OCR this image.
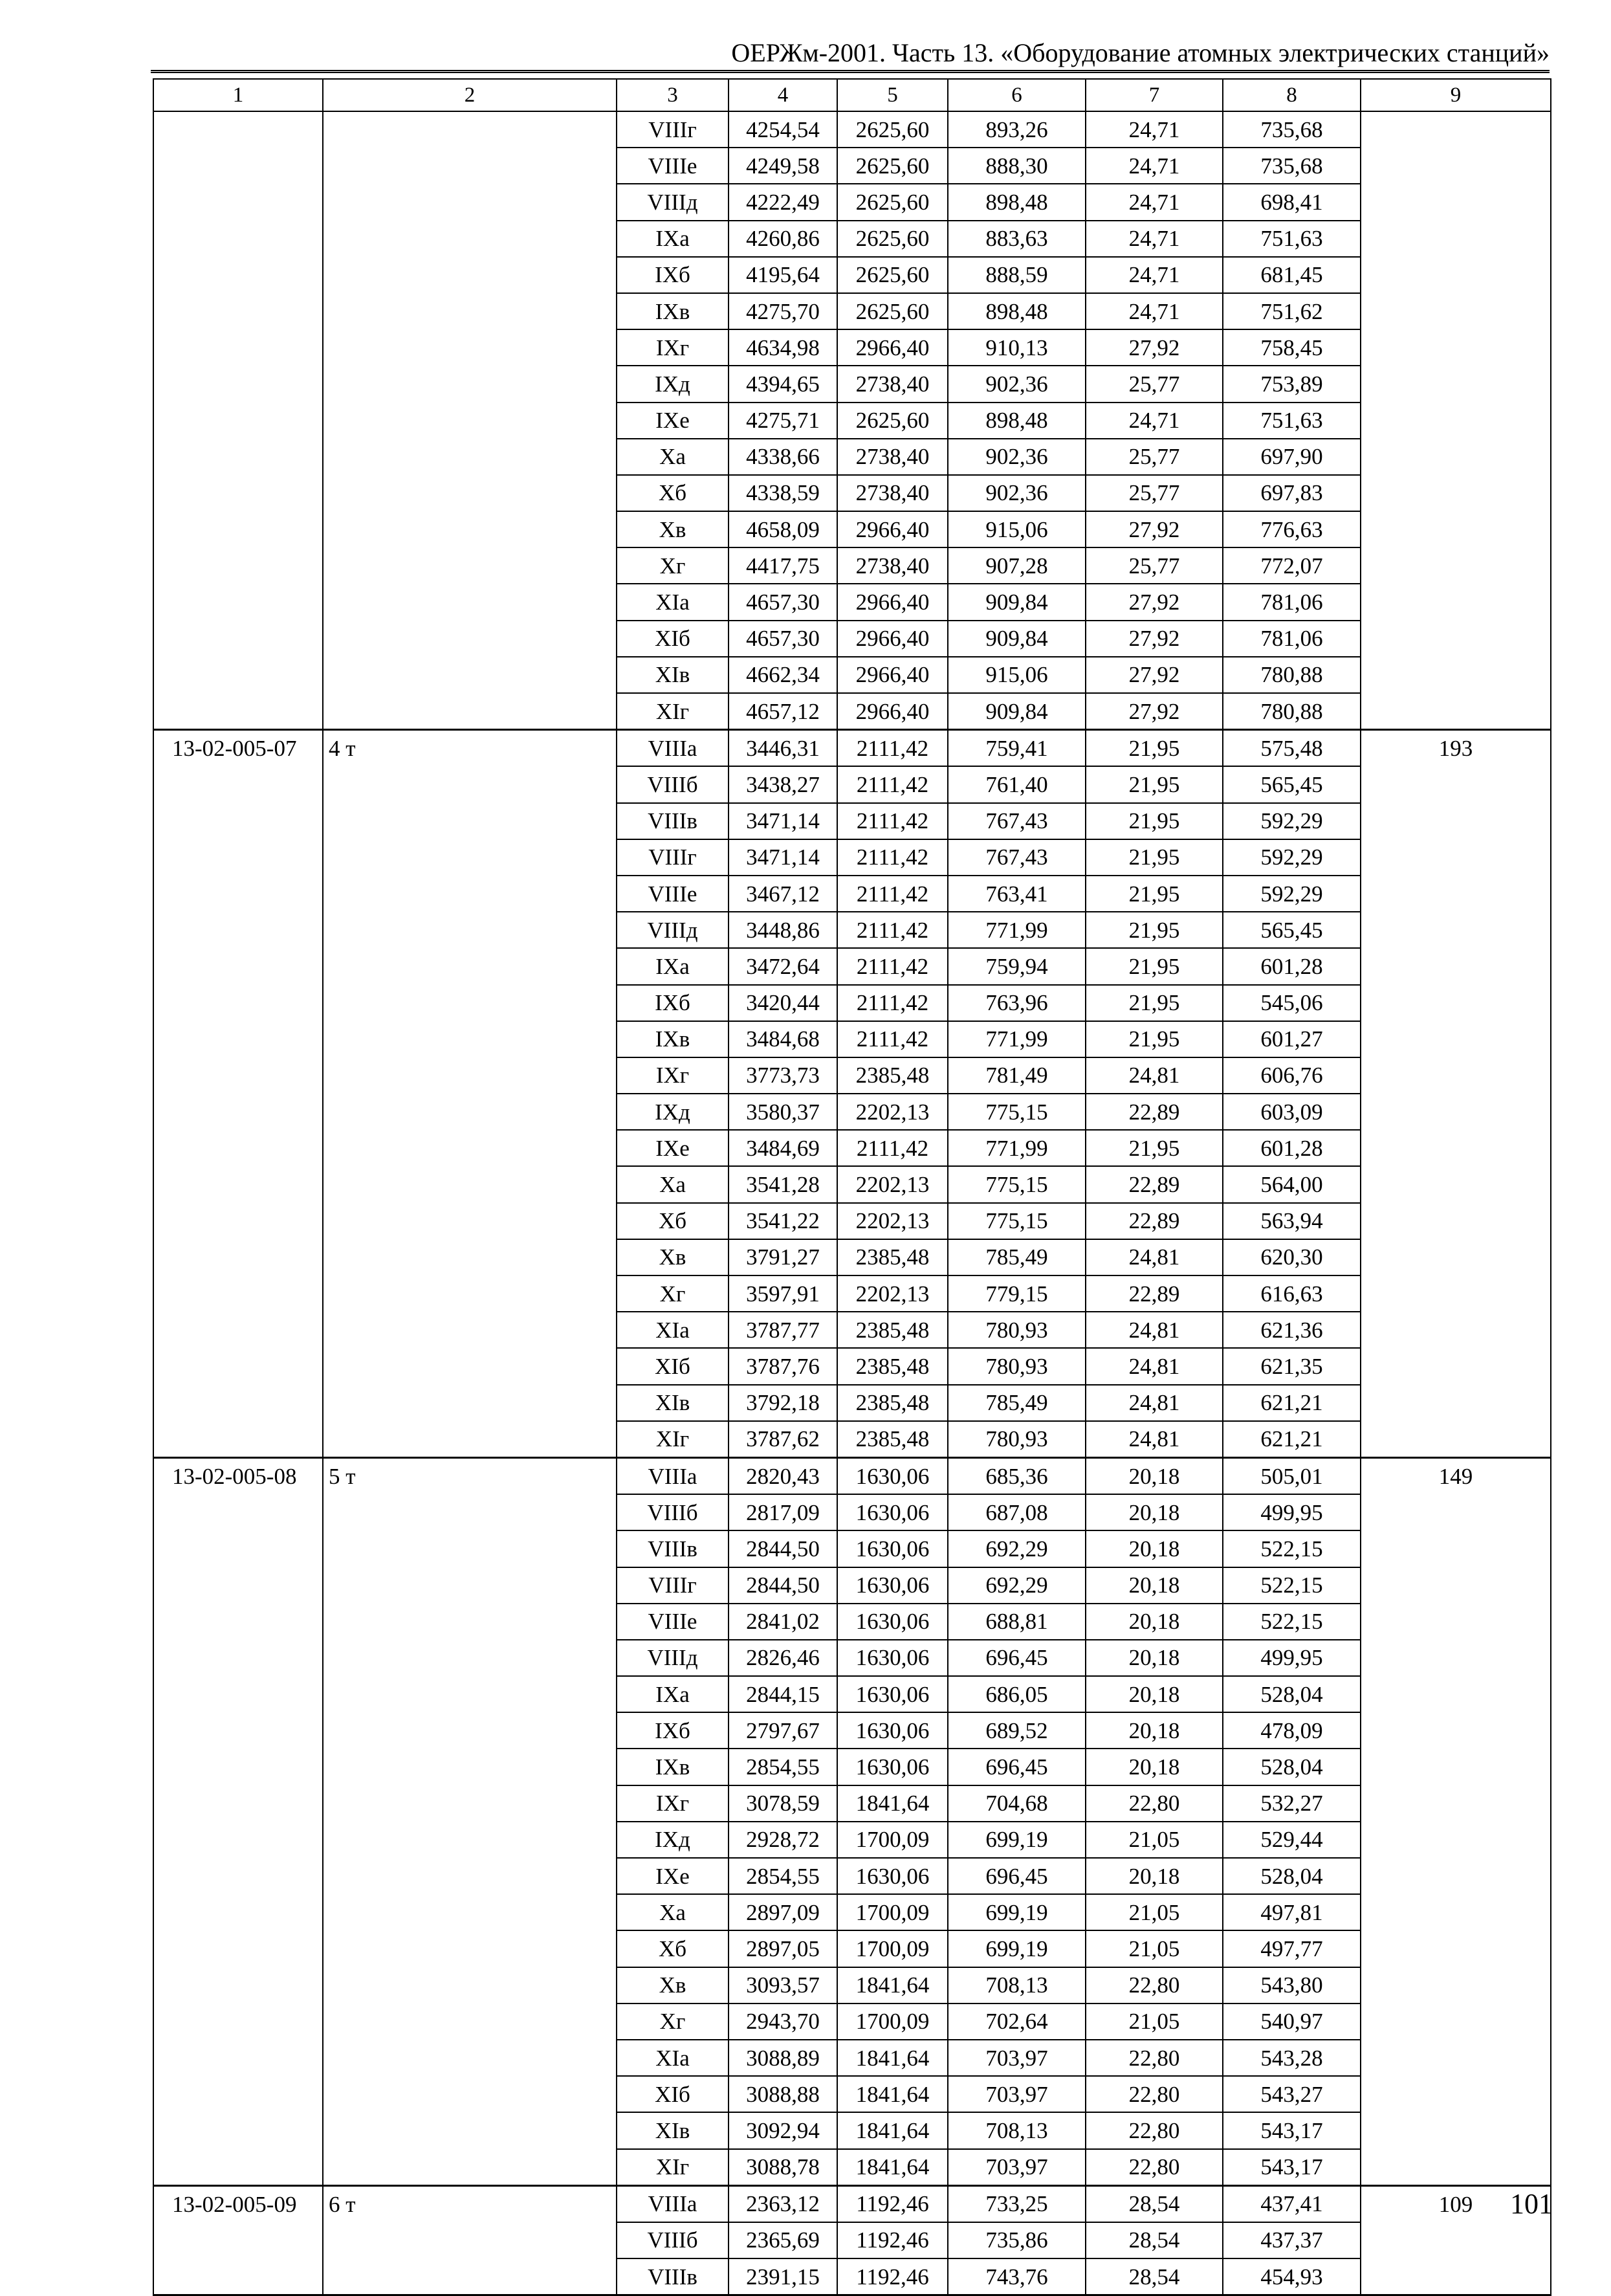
ОЕРЖм-2001. Часть 13. «Оборудование атомных электрических станций»
1	2	3	4	5	6	7	8	9
		VIIIг	4254,54	2625,60	893,26	24,71	735,68	
		VIIIе	4249,58	2625,60	888,30	24,71	735,68	
		VIIIд	4222,49	2625,60	898,48	24,71	698,41	
		IXа	4260,86	2625,60	883,63	24,71	751,63	
		IXб	4195,64	2625,60	888,59	24,71	681,45	
		IXв	4275,70	2625,60	898,48	24,71	751,62	
		IXг	4634,98	2966,40	910,13	27,92	758,45	
		IXд	4394,65	2738,40	902,36	25,77	753,89	
		IXе	4275,71	2625,60	898,48	24,71	751,63	
		Xа	4338,66	2738,40	902,36	25,77	697,90	
		Xб	4338,59	2738,40	902,36	25,77	697,83	
		Xв	4658,09	2966,40	915,06	27,92	776,63	
		Xг	4417,75	2738,40	907,28	25,77	772,07	
		XIа	4657,30	2966,40	909,84	27,92	781,06	
		XIб	4657,30	2966,40	909,84	27,92	781,06	
		XIв	4662,34	2966,40	915,06	27,92	780,88	
		XIг	4657,12	2966,40	909,84	27,92	780,88	
13-02-005-07	4 т	VIIIа	3446,31	2111,42	759,41	21,95	575,48	193
		VIIIб	3438,27	2111,42	761,40	21,95	565,45	
		VIIIв	3471,14	2111,42	767,43	21,95	592,29	
		VIIIг	3471,14	2111,42	767,43	21,95	592,29	
		VIIIе	3467,12	2111,42	763,41	21,95	592,29	
		VIIIд	3448,86	2111,42	771,99	21,95	565,45	
		IXа	3472,64	2111,42	759,94	21,95	601,28	
		IXб	3420,44	2111,42	763,96	21,95	545,06	
		IXв	3484,68	2111,42	771,99	21,95	601,27	
		IXг	3773,73	2385,48	781,49	24,81	606,76	
		IXд	3580,37	2202,13	775,15	22,89	603,09	
		IXе	3484,69	2111,42	771,99	21,95	601,28	
		Xа	3541,28	2202,13	775,15	22,89	564,00	
		Xб	3541,22	2202,13	775,15	22,89	563,94	
		Xв	3791,27	2385,48	785,49	24,81	620,30	
		Xг	3597,91	2202,13	779,15	22,89	616,63	
		XIа	3787,77	2385,48	780,93	24,81	621,36	
		XIб	3787,76	2385,48	780,93	24,81	621,35	
		XIв	3792,18	2385,48	785,49	24,81	621,21	
		XIг	3787,62	2385,48	780,93	24,81	621,21	
13-02-005-08	5 т	VIIIа	2820,43	1630,06	685,36	20,18	505,01	149
		VIIIб	2817,09	1630,06	687,08	20,18	499,95	
		VIIIв	2844,50	1630,06	692,29	20,18	522,15	
		VIIIг	2844,50	1630,06	692,29	20,18	522,15	
		VIIIе	2841,02	1630,06	688,81	20,18	522,15	
		VIIIд	2826,46	1630,06	696,45	20,18	499,95	
		IXа	2844,15	1630,06	686,05	20,18	528,04	
		IXб	2797,67	1630,06	689,52	20,18	478,09	
		IXв	2854,55	1630,06	696,45	20,18	528,04	
		IXг	3078,59	1841,64	704,68	22,80	532,27	
		IXд	2928,72	1700,09	699,19	21,05	529,44	
		IXе	2854,55	1630,06	696,45	20,18	528,04	
		Xа	2897,09	1700,09	699,19	21,05	497,81	
		Xб	2897,05	1700,09	699,19	21,05	497,77	
		Xв	3093,57	1841,64	708,13	22,80	543,80	
		Xг	2943,70	1700,09	702,64	21,05	540,97	
		XIа	3088,89	1841,64	703,97	22,80	543,28	
		XIб	3088,88	1841,64	703,97	22,80	543,27	
		XIв	3092,94	1841,64	708,13	22,80	543,17	
		XIг	3088,78	1841,64	703,97	22,80	543,17	
13-02-005-09	6 т	VIIIа	2363,12	1192,46	733,25	28,54	437,41	109
		VIIIб	2365,69	1192,46	735,86	28,54	437,37	
		VIIIв	2391,15	1192,46	743,76	28,54	454,93	
101
